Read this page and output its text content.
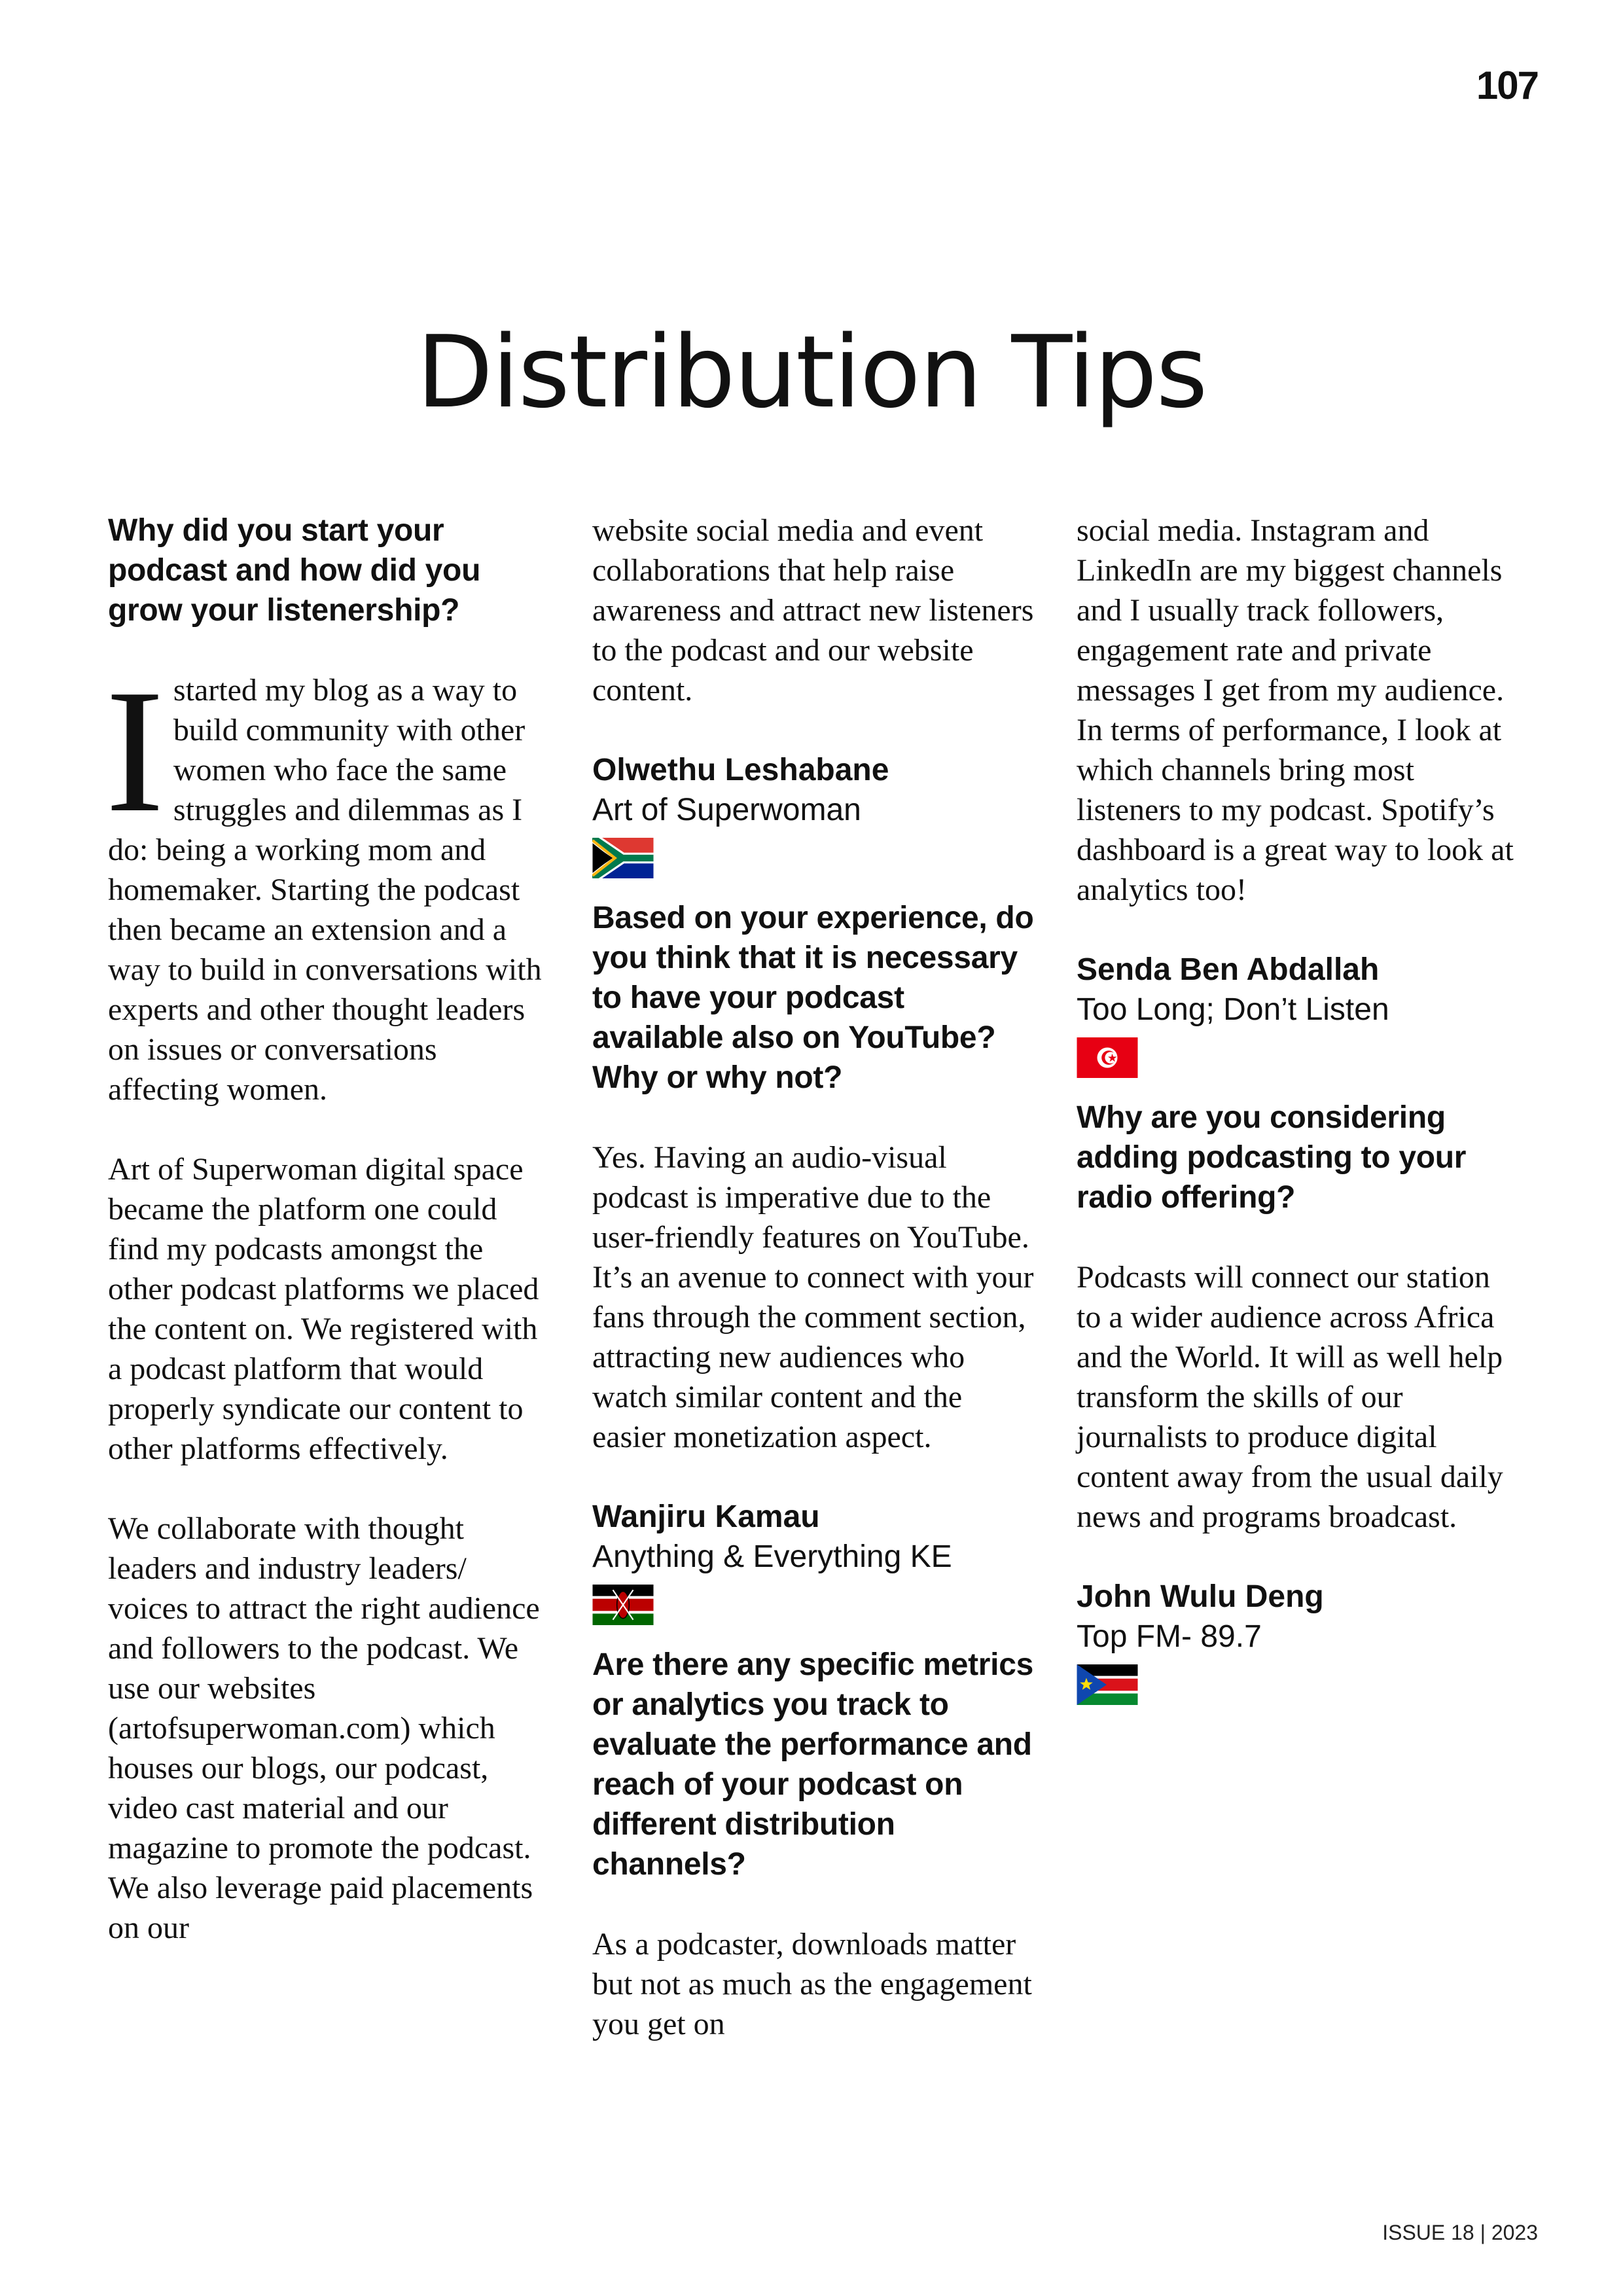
107
Distribution Tips

Why did you start your podcast and how did you grow your listenership?

I started my blog as a way to build community with other women who face the same struggles and dilemmas as I do: being a working mom and homemaker. Starting the podcast then became an extension and a way to build in conversations with experts and other thought leaders on issues or conversations affecting women.

Art of Superwoman digital space became the platform one could find my podcasts amongst the other podcast platforms we placed the content on. We registered with a podcast platform that would properly syndicate our content to other platforms effectively.

We collaborate with thought leaders and industry leaders/ voices to attract the right audience and followers to the podcast. We use our websites (artofsuperwoman.com) which houses our blogs, our podcast, video cast material and our magazine to promote the podcast. We also leverage paid placements on our

website social media and event collaborations that help raise awareness and attract new listeners to the podcast and our website content.

Olwethu Leshabane

Art of Superwoman

Based on your experience, do you think that it is necessary to have your podcast available also on YouTube? Why or why not?

Yes. Having an audio-visual podcast is imperative due to the user-friendly features on YouTube. It’s an avenue to connect with your fans through the comment section, attracting new audiences who watch similar content and the easier monetization aspect.

Wanjiru Kamau

Anything & Everything KE

Are there any specific metrics or analytics you track to evaluate the performance and reach of your podcast on different distribution channels?

As a podcaster, downloads matter but not as much as the engagement you get on

social media. Instagram and LinkedIn are my biggest channels and I usually track followers, engagement rate and private messages I get from my audience. In terms of performance, I look at which channels bring most listeners to my podcast. Spotify’s dashboard is a great way to look at analytics too!

Senda Ben Abdallah

Too Long; Don’t Listen

Why are you considering adding podcasting to your radio offering?

Podcasts will connect our station to a wider audience across Africa and the World. It will as well help transform the skills of our journalists to produce digital content away from the usual daily news and programs broadcast.

John Wulu Deng

Top FM- 89.7

ISSUE 18 | 2023
